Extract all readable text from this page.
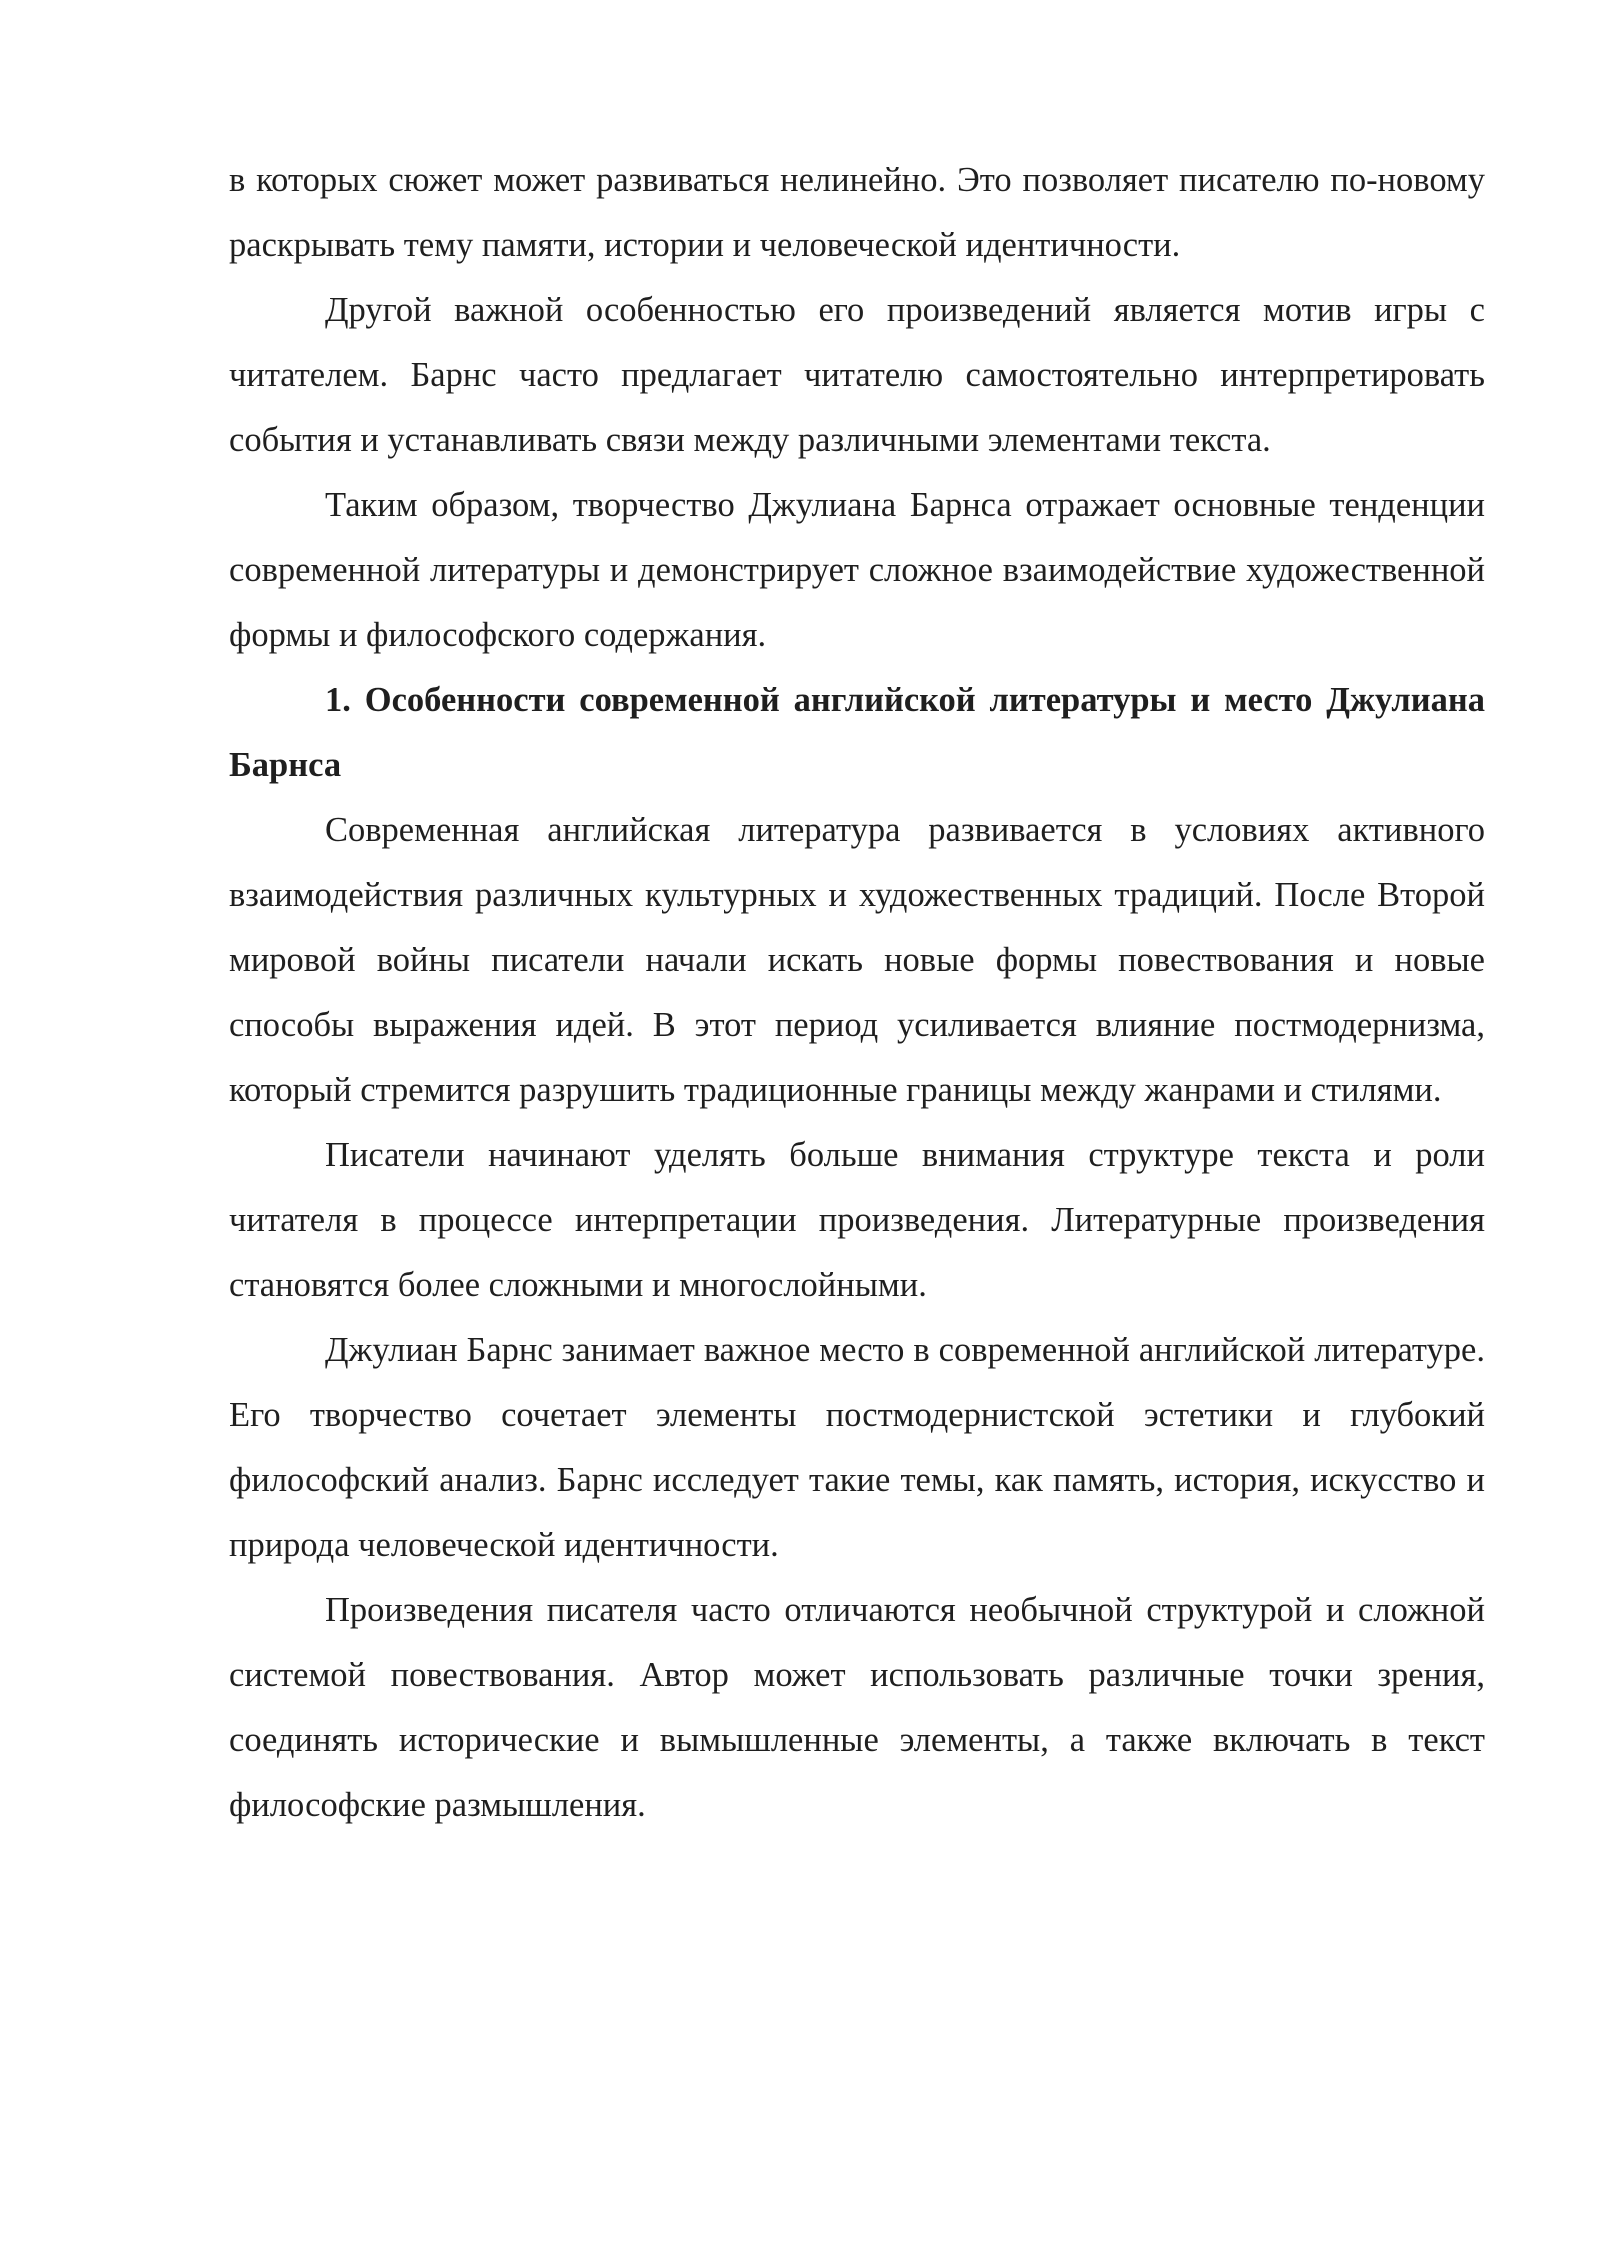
в которых сюжет может развиваться нелинейно. Это позволяет писателю по-новому раскрывать тему памяти, истории и человеческой идентичности.

Другой важной особенностью его произведений является мотив игры с читателем. Барнс часто предлагает читателю самостоятельно интерпретировать события и устанавливать связи между различными элементами текста.

Таким образом, творчество Джулиана Барнса отражает основные тенденции современной литературы и демонстрирует сложное взаимодействие художественной формы и философского содержания.

1. Особенности современной английской литературы и место Джулиана Барнса

Современная английская литература развивается в условиях активного взаимодействия различных культурных и художественных традиций. После Второй мировой войны писатели начали искать новые формы повествования и новые способы выражения идей. В этот период усиливается влияние постмодернизма, который стремится разрушить традиционные границы между жанрами и стилями.

Писатели начинают уделять больше внимания структуре текста и роли читателя в процессе интерпретации произведения. Литературные произведения становятся более сложными и многослойными.

Джулиан Барнс занимает важное место в современной английской литературе. Его творчество сочетает элементы постмодернистской эстетики и глубокий философский анализ. Барнс исследует такие темы, как память, история, искусство и природа человеческой идентичности.

Произведения писателя часто отличаются необычной структурой и сложной системой повествования. Автор может использовать различные точки зрения, соединять исторические и вымышленные элементы, а также включать в текст философские размышления.
